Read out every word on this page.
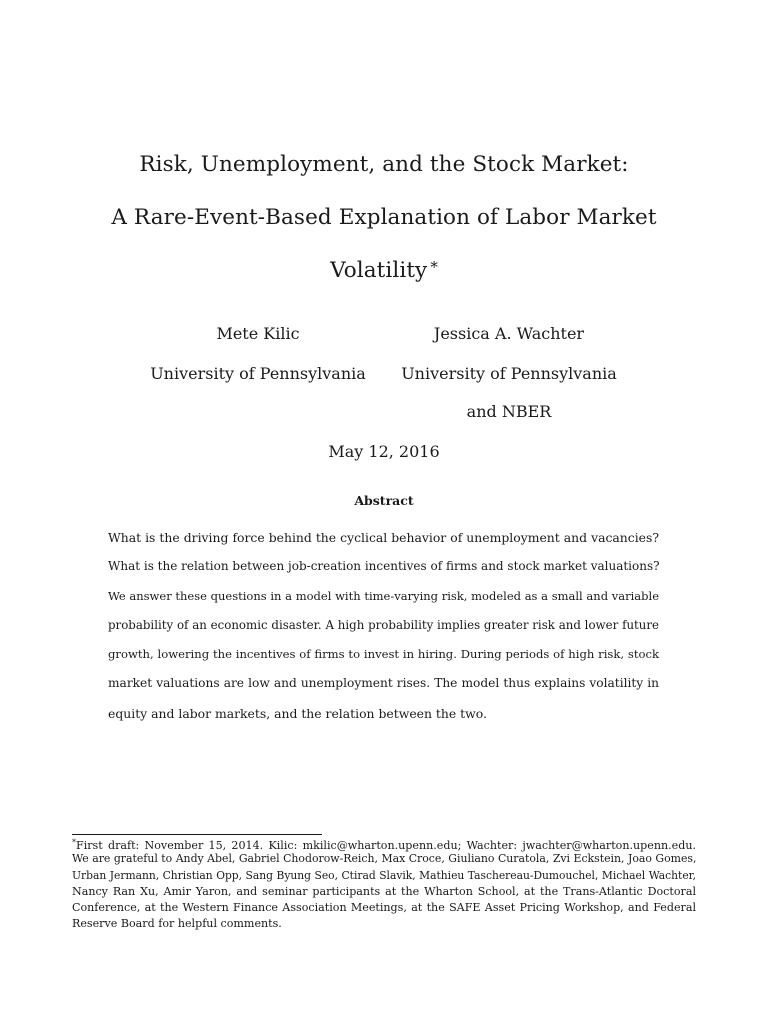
Risk, Unemployment, and the Stock Market:
A Rare-Event-Based Explanation of Labor Market
Volatility *
Mete Kilic	Jessica A. Wachter
University of Pennsylvania	University of Pennsylvania
and NBER
May 12, 2016
Abstract
What is the driving force behind the cyclical behavior of unemployment and vacancies?
What is the relation between job-creation incentives of firms and stock market valuations?
We answer these questions in a model with time-varying risk, modeled as a small and variable
probability of an economic disaster. A high probability implies greater risk and lower future
growth, lowering the incentives of firms to invest in hiring. During periods of high risk, stock
market valuations are low and unemployment rises. The model thus explains volatility in
equity and labor markets, and the relation between the two.
*First draft: November 15, 2014. Kilic: mkilic@wharton.upenn.edu; Wachter: jwachter@wharton.upenn.edu.
We are grateful to Andy Abel, Gabriel Chodorow-Reich, Max Croce, Giuliano Curatola, Zvi Eckstein, Joao Gomes,
Urban Jermann, Christian Opp, Sang Byung Seo, Ctirad Slavik, Mathieu Taschereau-Dumouchel, Michael Wachter,
Nancy Ran Xu, Amir Yaron, and seminar participants at the Wharton School, at the Trans-Atlantic Doctoral
Conference, at the Western Finance Association Meetings, at the SAFE Asset Pricing Workshop, and Federal
Reserve Board for helpful comments.
